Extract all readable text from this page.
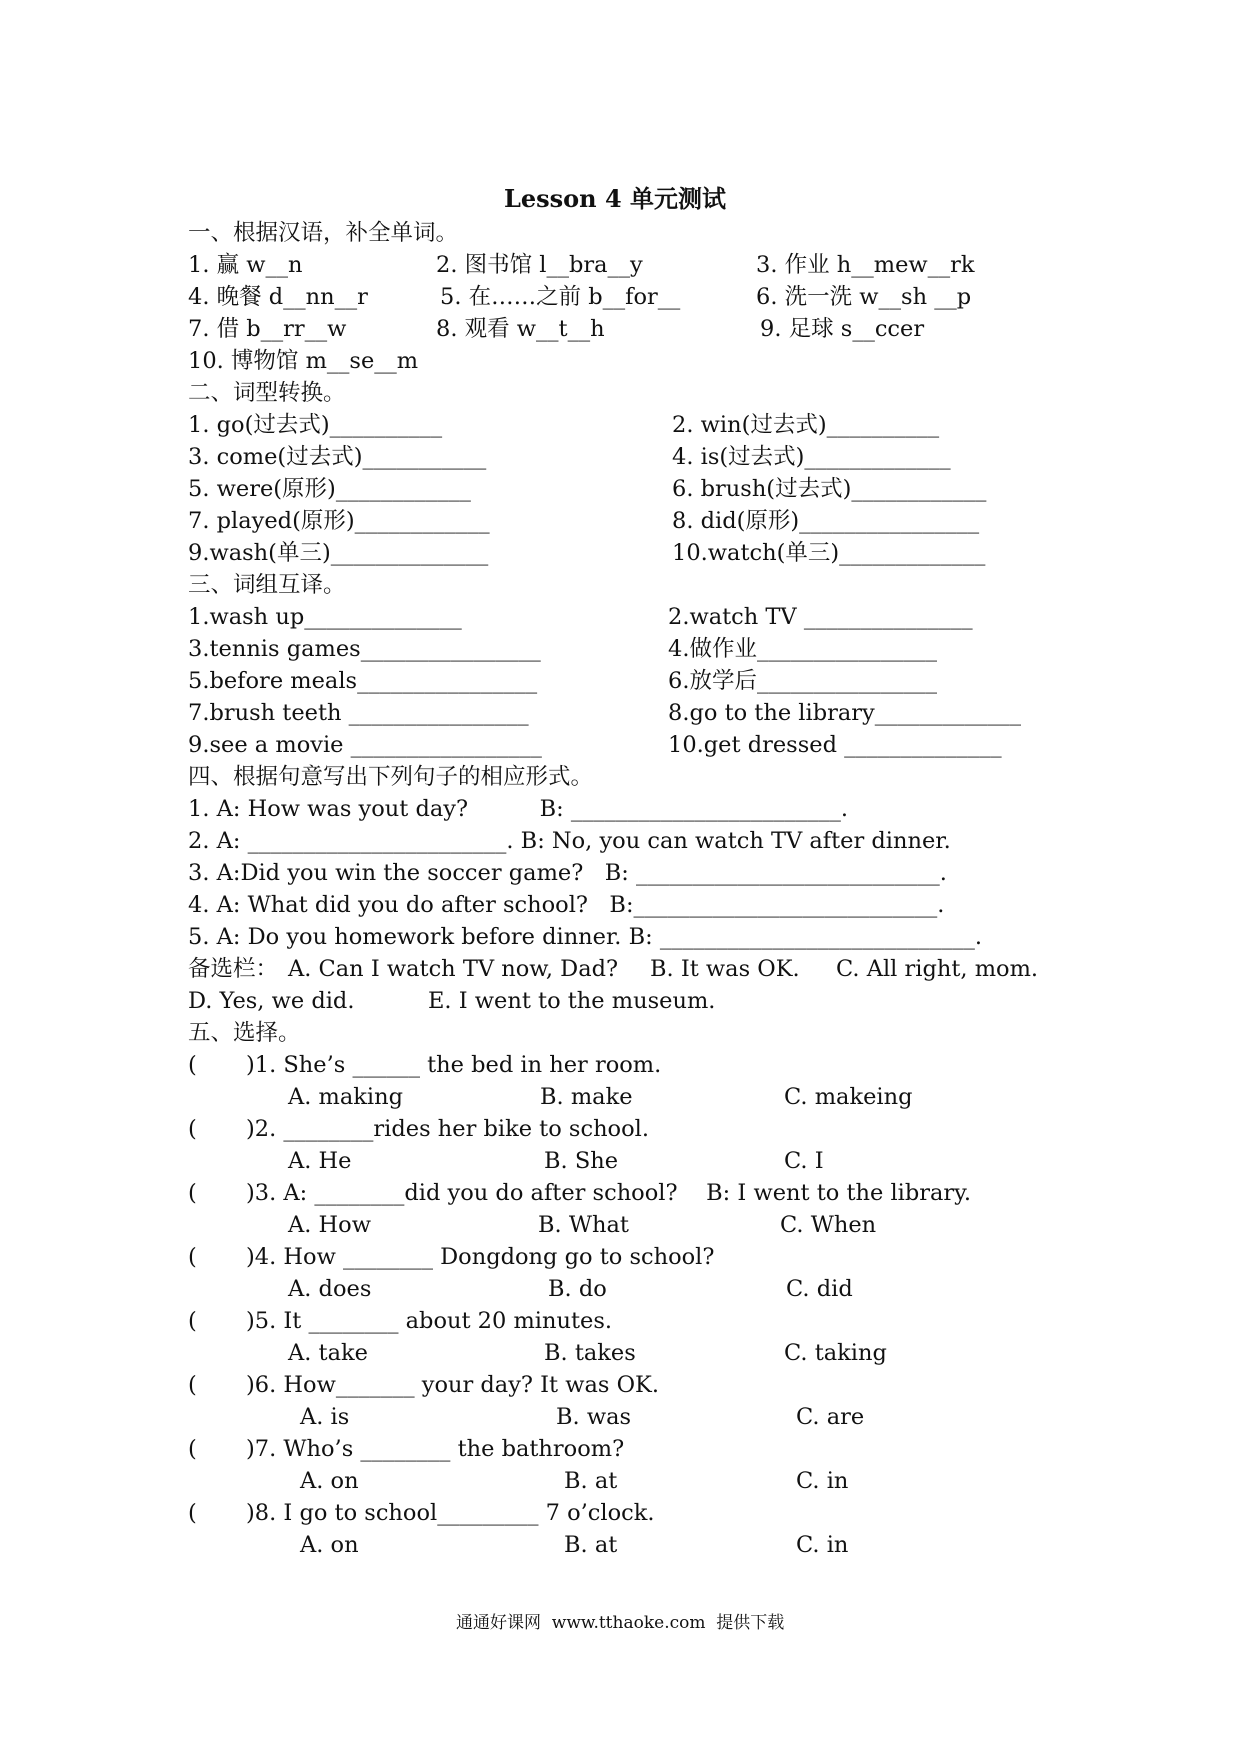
Lesson 4 单元测试
一、根据汉语，补全单词。
1. 赢 w__n	2. 图书馆 l__bra__y	3. 作业 h__mew__rk
4. 晚餐 d__nn__r	5. 在……之前 b__for__	6. 洗一洗 w__sh __p
7. 借 b__rr__w	8. 观看 w__t__h	9. 足球 s__ccer
10. 博物馆 m__se__m
二、词型转换。
1. go(过去式)__________	2. win(过去式)__________
3. come(过去式)___________	4. is(过去式)_____________
5. were(原形)____________	6. brush(过去式)____________
7. played(原形)____________	8. did(原形)________________
9.wash(单三)______________	10.watch(单三)_____________
三、词组互译。
1.wash up______________	2.watch TV _______________
3.tennis games________________	4.做作业________________
5.before meals________________	6.放学后________________
7.brush teeth ________________	8.go to the library_____________
9.see a movie _________________	10.get dressed ______________
四、根据句意写出下列句子的相应形式。
1. A: How was yout day?          B: ________________________.
2. A: _______________________. B: No, you can watch TV after dinner.
3. A:Did you win the soccer game?   B: ___________________________.
4. A: What did you do after school?   B:___________________________.
5. A: Do you homework before dinner. B: ____________________________.
备选栏： A. Can I watch TV now, Dad? B. It was OK. C. All right, mom.
D. Yes, we did.	E. I went to the museum.
五、选择。
( )1. She’s ______ the bed in her room.
A. making	B. make	C. makeing
( )2. ________rides her bike to school.
A. He	B. She	C. I
( )3. A: ________did you do after school?    B: I went to the library.
A. How	B. What	C. When
( )4. How ________ Dongdong go to school?
A. does	B. do	C. did
( )5. It ________ about 20 minutes.
A. take	B. takes	C. taking
( )6. How_______ your day? It was OK.
A. is	B. was	C. are
( )7. Who’s ________ the bathroom?
A. on	B. at	C. in
( )8. I go to school_________ 7 o’clock.
A. on	B. at	C. in
通通好课网  www.tthaoke.com  提供下载
